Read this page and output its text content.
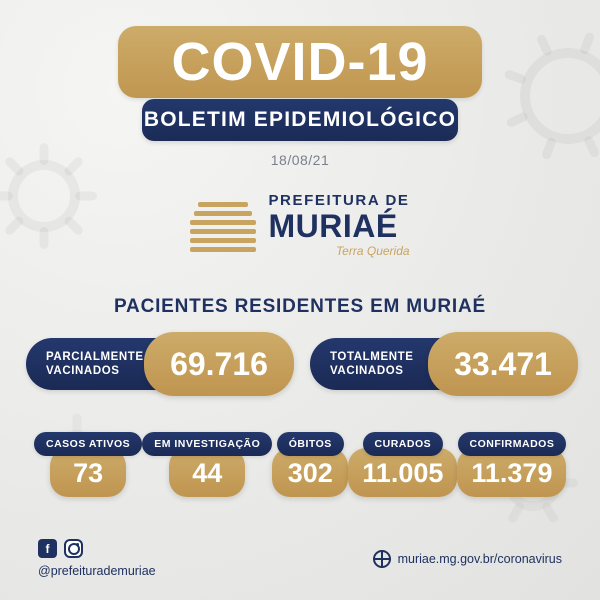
COVID-19
BOLETIM EPIDEMIOLÓGICO
18/08/21
PREFEITURA DE
MURIAÉ
Terra Querida
PACIENTES RESIDENTES EM MURIAÉ
PARCIALMENTE
VACINADOS	69.716	TOTALMENTE
VACINADOS	33.471
CASOS ATIVOS
73
EM INVESTIGAÇÃO
44
ÓBITOS
302
CURADOS
11.005
CONFIRMADOS
11.379
f
@prefeiturademuriae
muriae.mg.gov.br/coronavirus
